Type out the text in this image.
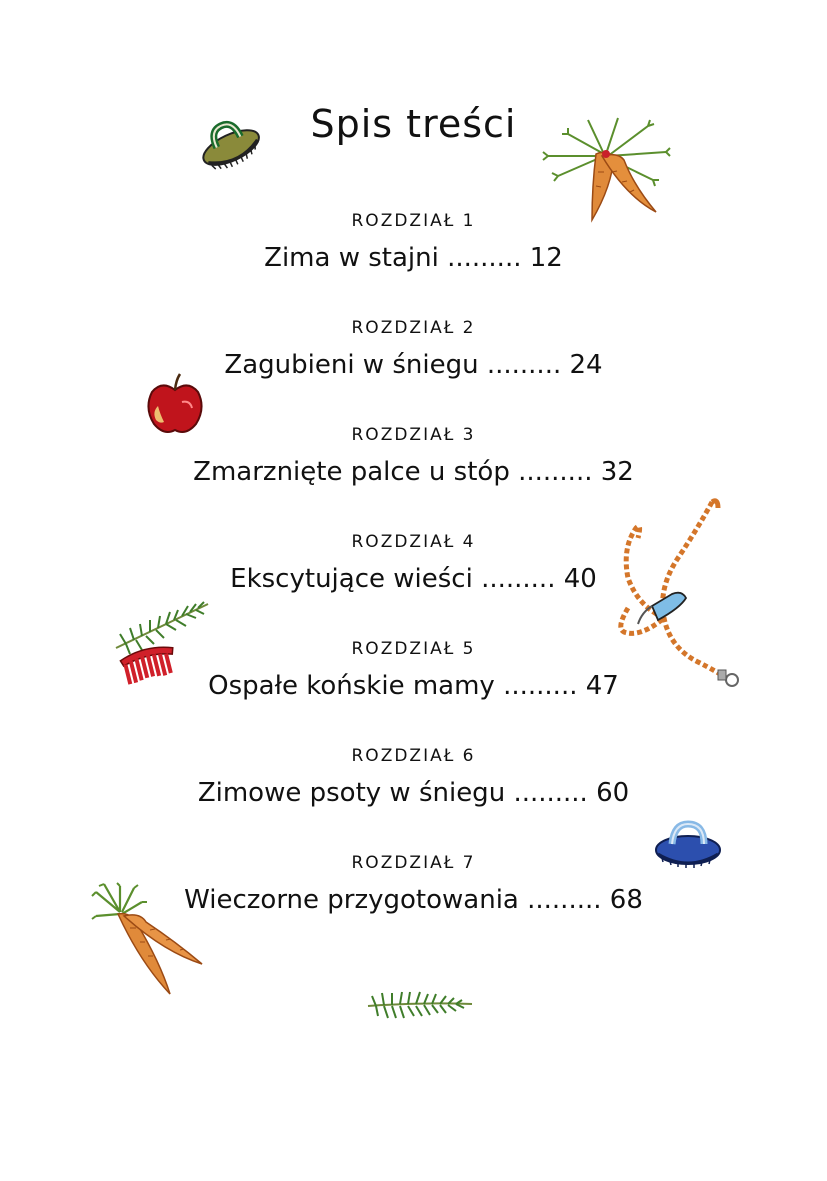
Spis treści
ROZDZIAŁ 1
Zima w stajni ......... 12
ROZDZIAŁ 2
Zagubieni w śniegu ......... 24
ROZDZIAŁ 3
Zmarznięte palce u stóp ......... 32
ROZDZIAŁ 4
Ekscytujące wieści ......... 40
ROZDZIAŁ 5
Ospałe końskie mamy ......... 47
ROZDZIAŁ 6
Zimowe psoty w śniegu ......... 60
ROZDZIAŁ 7
Wieczorne przygotowania ......... 68
